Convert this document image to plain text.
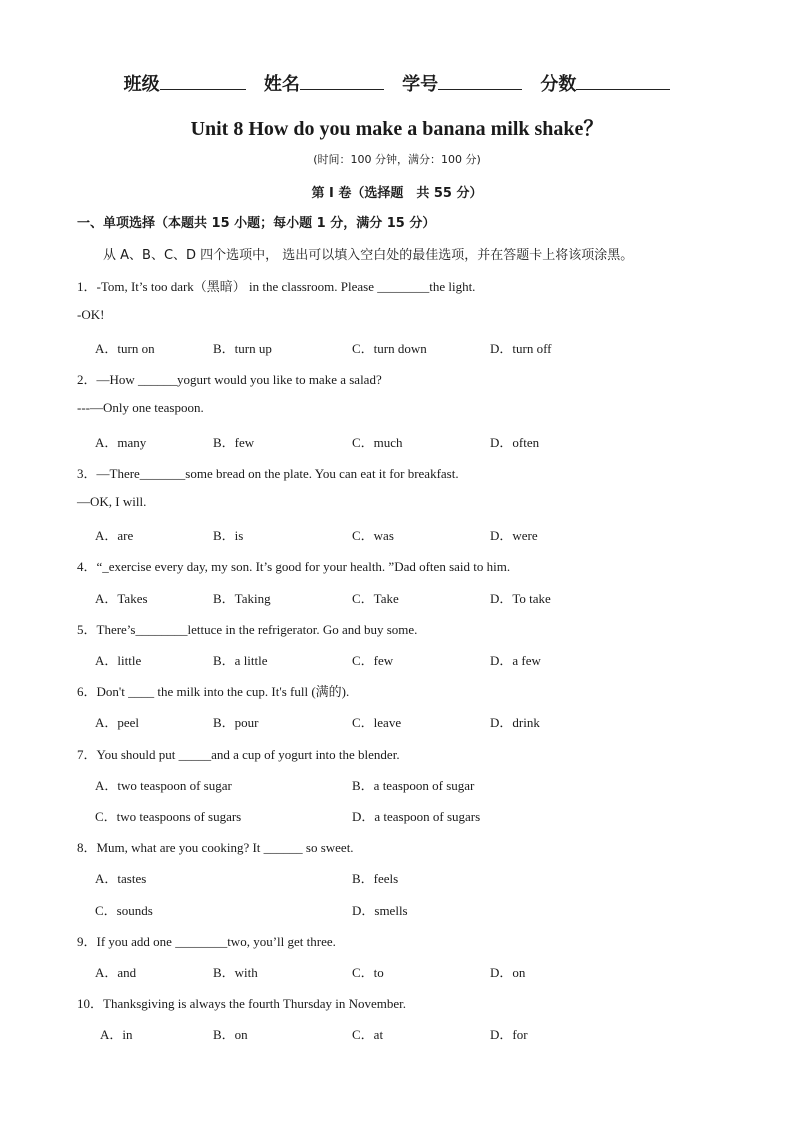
班级	姓名	学号	分数
Unit 8 How do you make a banana milk shake？
(时间：100 分钟，满分：100 分)
第 I 卷（选择题　共 55 分）
一、单项选择（本题共 15 小题；每小题 1 分，满分 15 分）
从 A、B、C、D 四个选项中， 选出可以填入空白处的最佳选项，并在答题卡上将该项涂黑。
1．-Tom, It’s too dark（黑暗） in the classroom. Please ________the light.
-OK!
A．turn on	B．turn up	C．turn down	D．turn off
2．—How ______yogurt would you like to make a salad?
---—Only one teaspoon.
A．many	B．few	C．much	D．often
3．—There_______some bread on the plate. You can eat it for breakfast.
—OK, I will.
A．are	B．is	C．was	D．were
4．“_exercise every day, my son. It’s good for your health. ”Dad often said to him.
A．Takes	B．Taking	C．Take	D．To take
5．There’s________lettuce in the refrigerator. Go and buy some.
A．little	B．a little	C．few	D．a few
6．Don't ____ the milk into the cup. It's full (满的).
A．peel	B．pour	C．leave	D．drink
7．You should put _____and a cup of yogurt into the blender.
A．two teaspoon of sugar	B．a teaspoon of sugar
C．two teaspoons of sugars	D．a teaspoon of sugars
8．Mum, what are you cooking? It ______ so sweet.
A．tastes	B．feels
C．sounds	D．smells
9．If you add one ________two, you’ll get three.
A．and	B．with	C．to	D．on
10．Thanksgiving is always the fourth Thursday in November.
A．in	B．on	C．at	D．for
